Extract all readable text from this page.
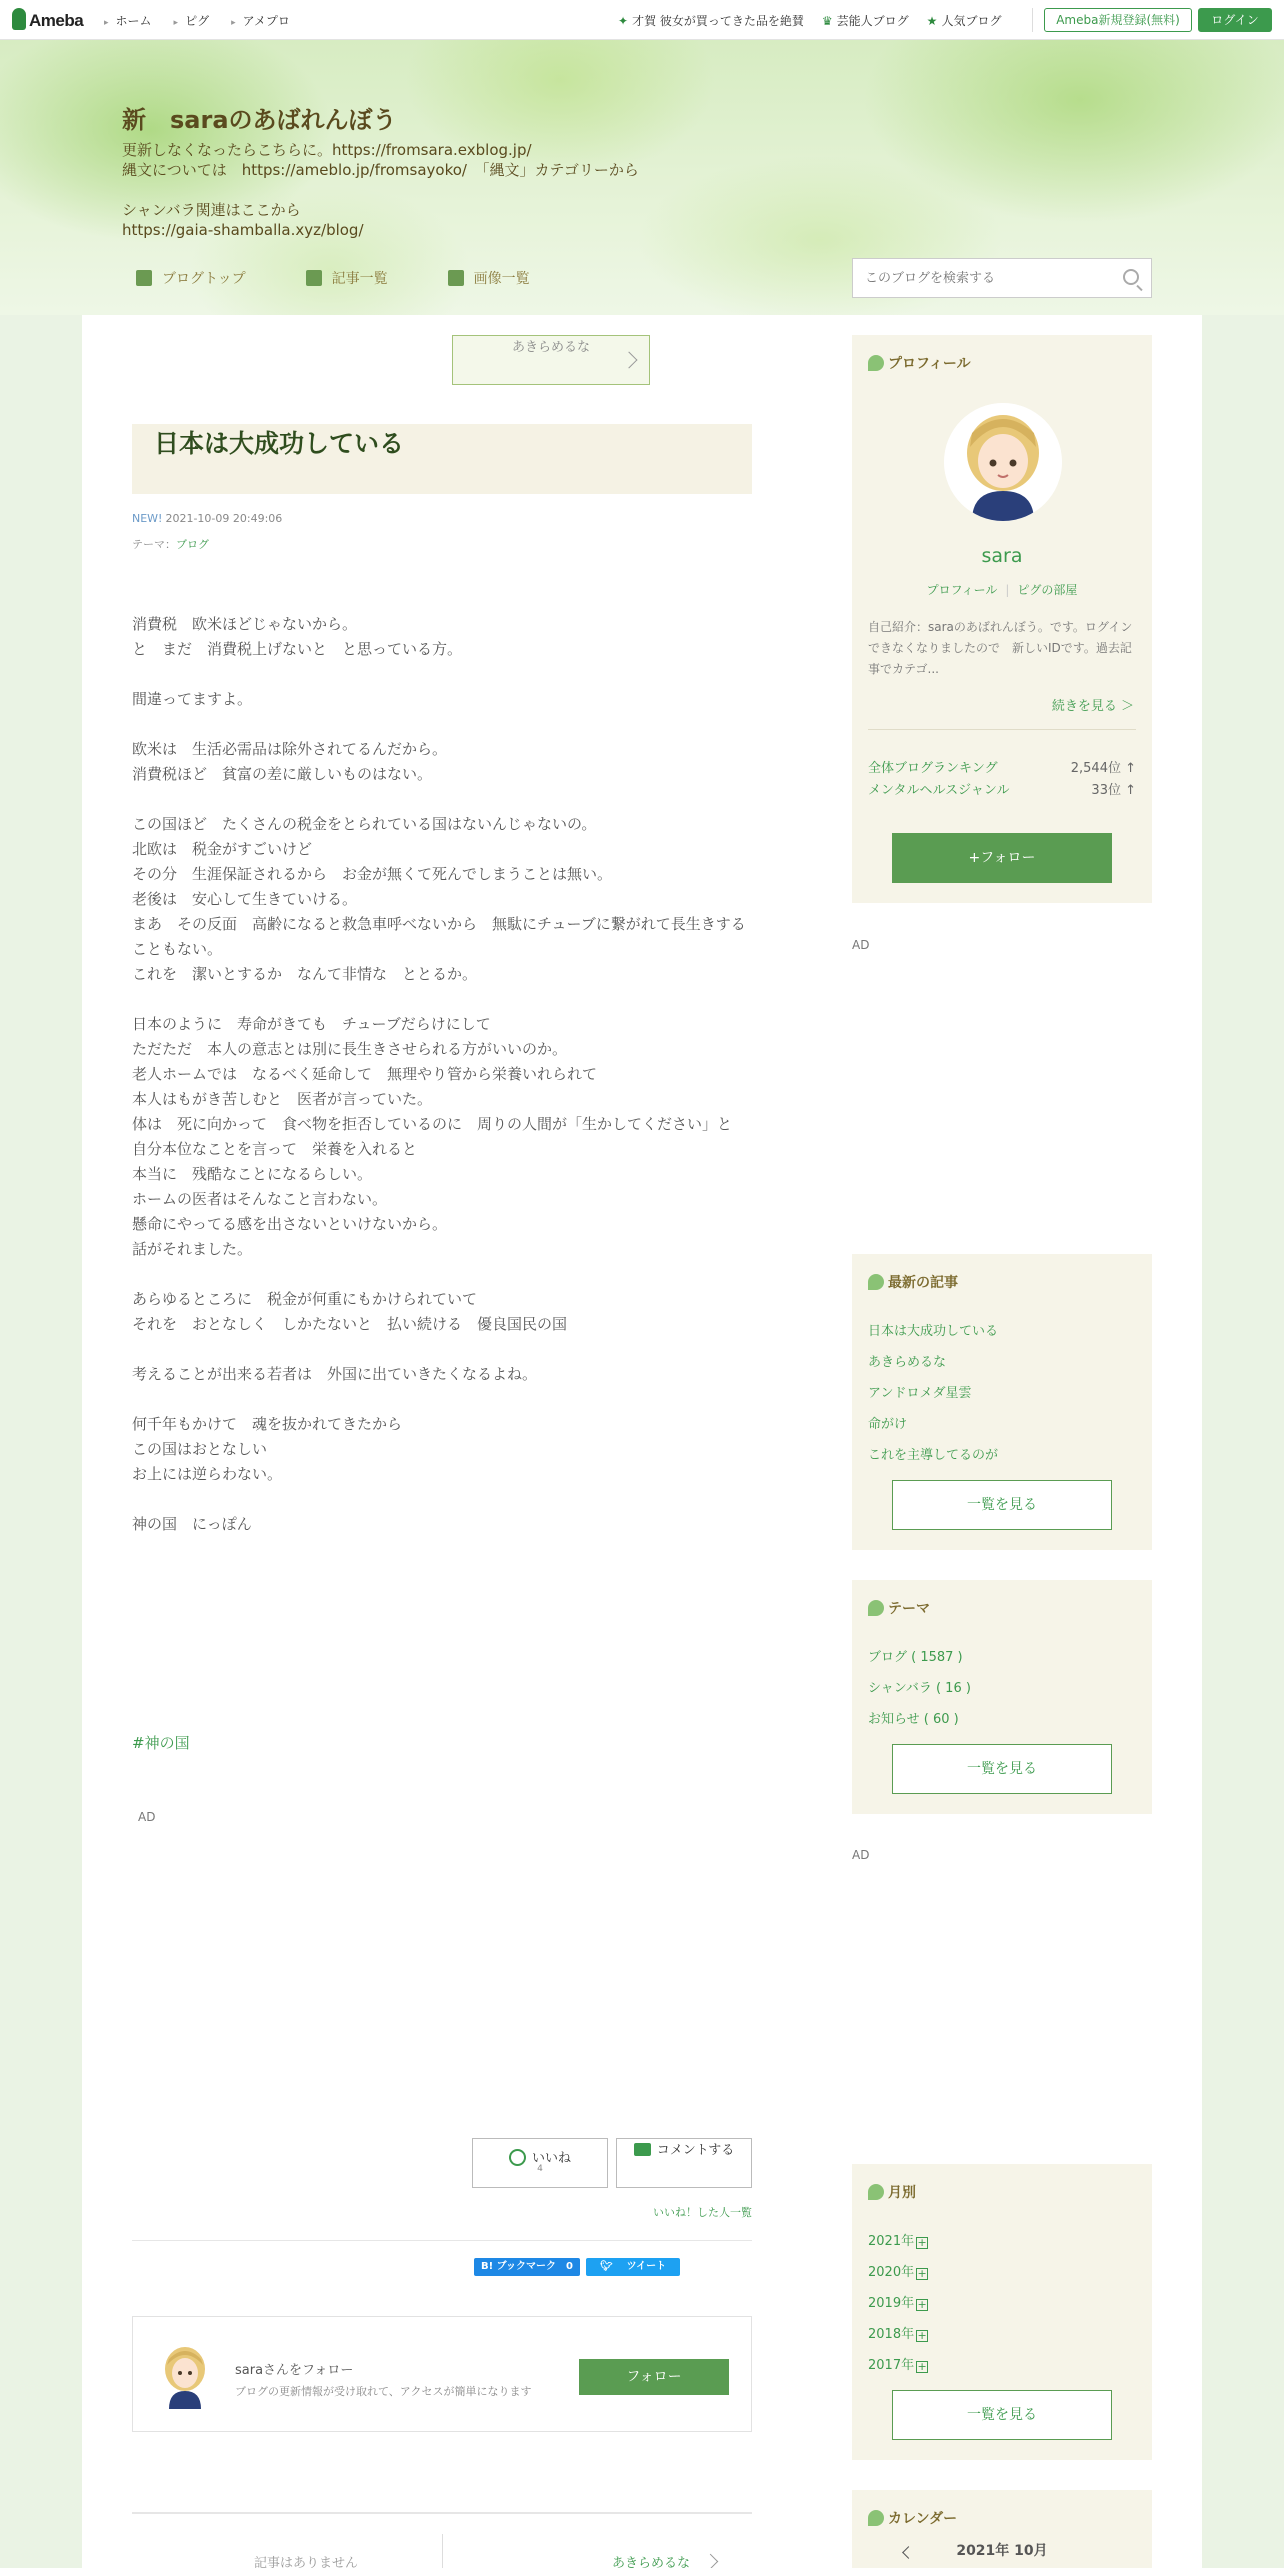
Ameba	▸ ホーム	▸ ピグ	▸ アメプロ	✦ 才賀 彼女が買ってきた品を絶賛 ♛ 芸能人ブログ ★ 人気ブログ	Ameba新規登録(無料)	ログイン
新　saraのあばれんぼう
更新しなくなったらこちらに。https://fromsara.exblog.jp/
縄文については　https://ameblo.jp/fromsayoko/　「縄文」カテゴリーから

シャンバラ関連はここから
https://gaia-shamballa.xyz/blog/
ブログトップ	記事一覧	画像一覧
このブログを検索する
あきらめるな
日本は大成功している
NEW! 2021-10-09 20:49:06
テーマ：ブログ

消費税　欧米ほどじゃないから。

と　まだ　消費税上げないと　と思っている方。

間違ってますよ。

欧米は　生活必需品は除外されてるんだから。

消費税ほど　貧富の差に厳しいものはない。

この国ほど　たくさんの税金をとられている国はないんじゃないの。

北欧は　税金がすごいけど

その分　生涯保証されるから　お金が無くて死んでしまうことは無い。

老後は　安心して生きていける。

まあ　その反面　高齢になると救急車呼べないから　無駄にチューブに繋がれて長生きすることもない。

これを　潔いとするか　なんて非情な　ととるか。

日本のように　寿命がきても　チューブだらけにして

ただただ　本人の意志とは別に長生きさせられる方がいいのか。

老人ホームでは　なるべく延命して　無理やり管から栄養いれられて

本人はもがき苦しむと　医者が言っていた。

体は　死に向かって　食べ物を拒否しているのに　周りの人間が「生かしてください」と

自分本位なことを言って　栄養を入れると

本当に　残酷なことになるらしい。

ホームの医者はそんなこと言わない。

懸命にやってる感を出さないといけないから。

話がそれました。

あらゆるところに　税金が何重にもかけられていて

それを　おとなしく　しかたないと　払い続ける　優良国民の国

考えることが出来る若者は　外国に出ていきたくなるよね。

何千年もかけて　魂を抜かれてきたから

この国はおとなしい

お上には逆らわない。

神の国　にっぽん

#神の国
AD
いいね
4
コメントする
いいね！した人一覧
B! ブックマーク　0	🐦︎ツイート
saraさんをフォロー
ブログの更新情報が受け取れて、アクセスが簡単になります
フォロー
記事はありません	あきらめるな
プロフィール
sara
プロフィール | ピグの部屋
自己紹介：saraのあばれんぼう。です。ログインできなくなりましたので　新しいIDです。過去記事でカテゴ...
続きを見る ＞
全体ブログランキング	2,544位 ↑
メンタルヘルスジャンル	33位 ↑
+フォロー
AD
最新の記事
日本は大成功している
あきらめるな
アンドロメダ星雲
命がけ
これを主導してるのが
一覧を見る
テーマ
ブログ ( 1587 )
シャンバラ ( 16 )
お知らせ ( 60 )
一覧を見る
AD
月別
2021年 +
2020年 +
2019年 +
2018年 +
2017年 +
一覧を見る
カレンダー
2021年 10月
